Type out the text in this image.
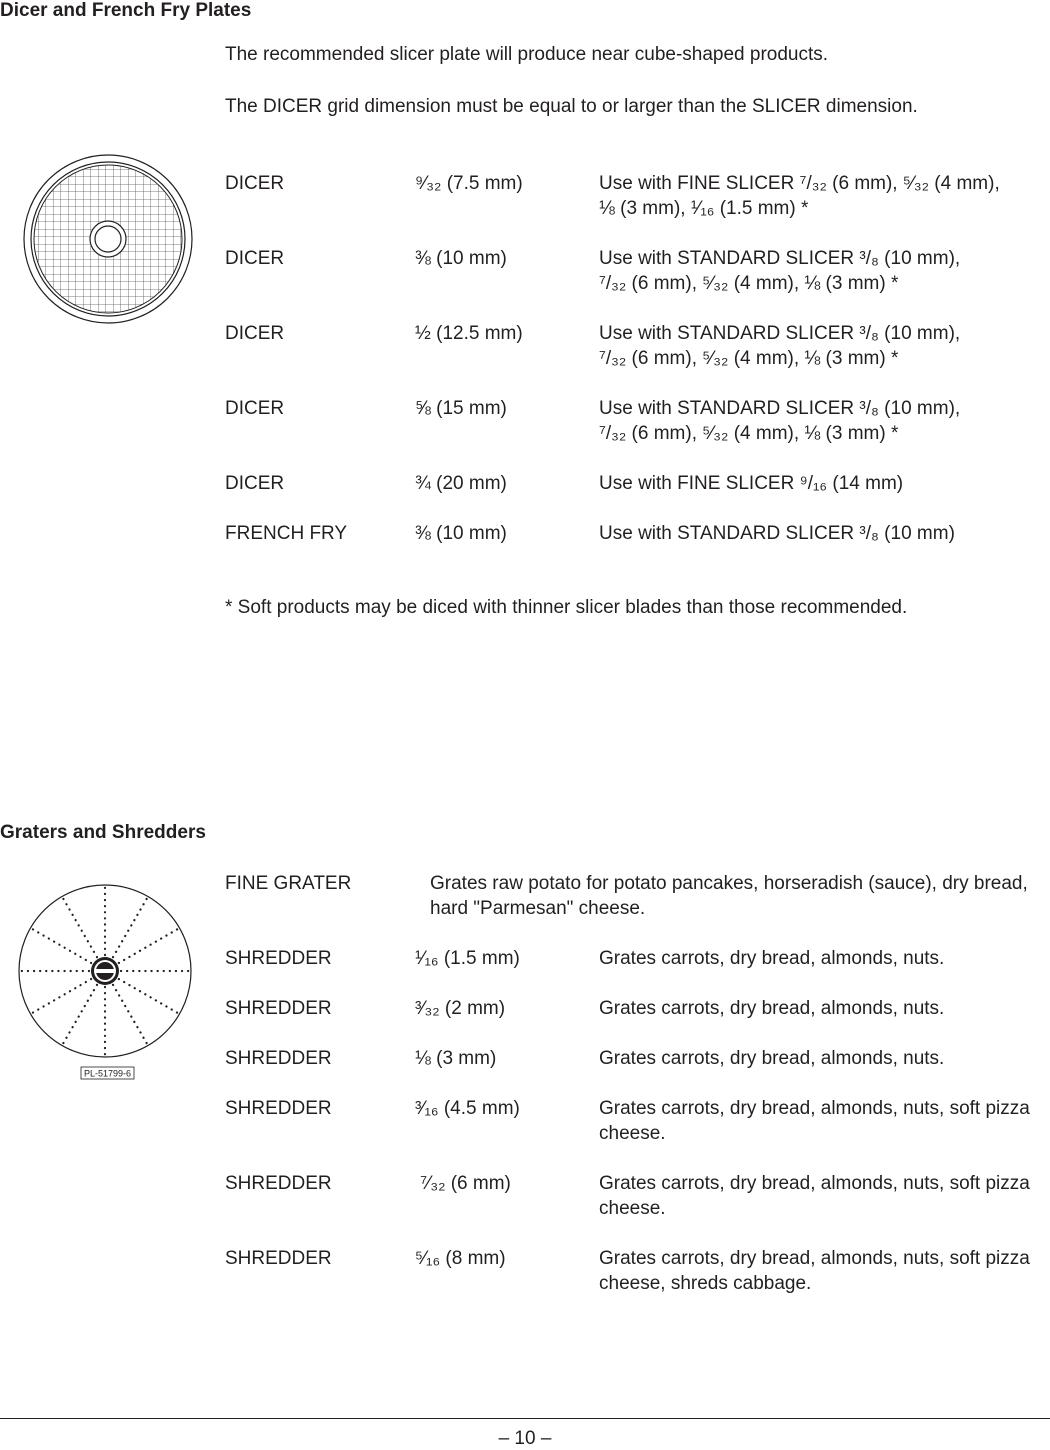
Dicer and French Fry Plates

The recommended slicer plate will produce near cube-shaped products.

The DICER grid dimension must be equal to or larger than the SLICER dimension.

DICER	⁹⁄₃₂ (7.5 mm)	Use with FINE SLICER ⁷/₃₂ (6 mm), ⁵⁄₃₂ (4 mm),
⅛ (3 mm), ¹⁄₁₆ (1.5 mm) *
DICER	⅜ (10 mm)	Use with STANDARD SLICER ³/₈ (10 mm),
⁷/₃₂ (6 mm), ⁵⁄₃₂ (4 mm), ⅛ (3 mm) *
DICER	½ (12.5 mm)	Use with STANDARD SLICER ³/₈ (10 mm),
⁷/₃₂ (6 mm), ⁵⁄₃₂ (4 mm), ⅛ (3 mm) *
DICER	⅝ (15 mm)	Use with STANDARD SLICER ³/₈ (10 mm),
⁷/₃₂ (6 mm), ⁵⁄₃₂ (4 mm), ⅛ (3 mm) *
DICER	¾ (20 mm)	Use with FINE SLICER ⁹/₁₆ (14 mm)
FRENCH FRY	⅜ (10 mm)	Use with STANDARD SLICER ³/₈ (10 mm)

* Soft products may be diced with thinner slicer blades than those recommended.

Graters and Shredders
PL-51799-6
FINE GRATER	Grates raw potato for potato pancakes, horseradish (sauce), dry bread, hard "Parmesan" cheese.
SHREDDER	¹⁄₁₆ (1.5 mm)	Grates carrots, dry bread, almonds, nuts.
SHREDDER	³⁄₃₂ (2 mm)	Grates carrots, dry bread, almonds, nuts.
SHREDDER	⅛ (3 mm)	Grates carrots, dry bread, almonds, nuts.
SHREDDER	³⁄₁₆ (4.5 mm)	Grates carrots, dry bread, almonds, nuts, soft pizza cheese.
SHREDDER	⁷⁄₃₂ (6 mm)	Grates carrots, dry bread, almonds, nuts, soft pizza cheese.
SHREDDER	⁵⁄₁₆ (8 mm)	Grates carrots, dry bread, almonds, nuts, soft pizza cheese, shreds cabbage.
– 10 –
